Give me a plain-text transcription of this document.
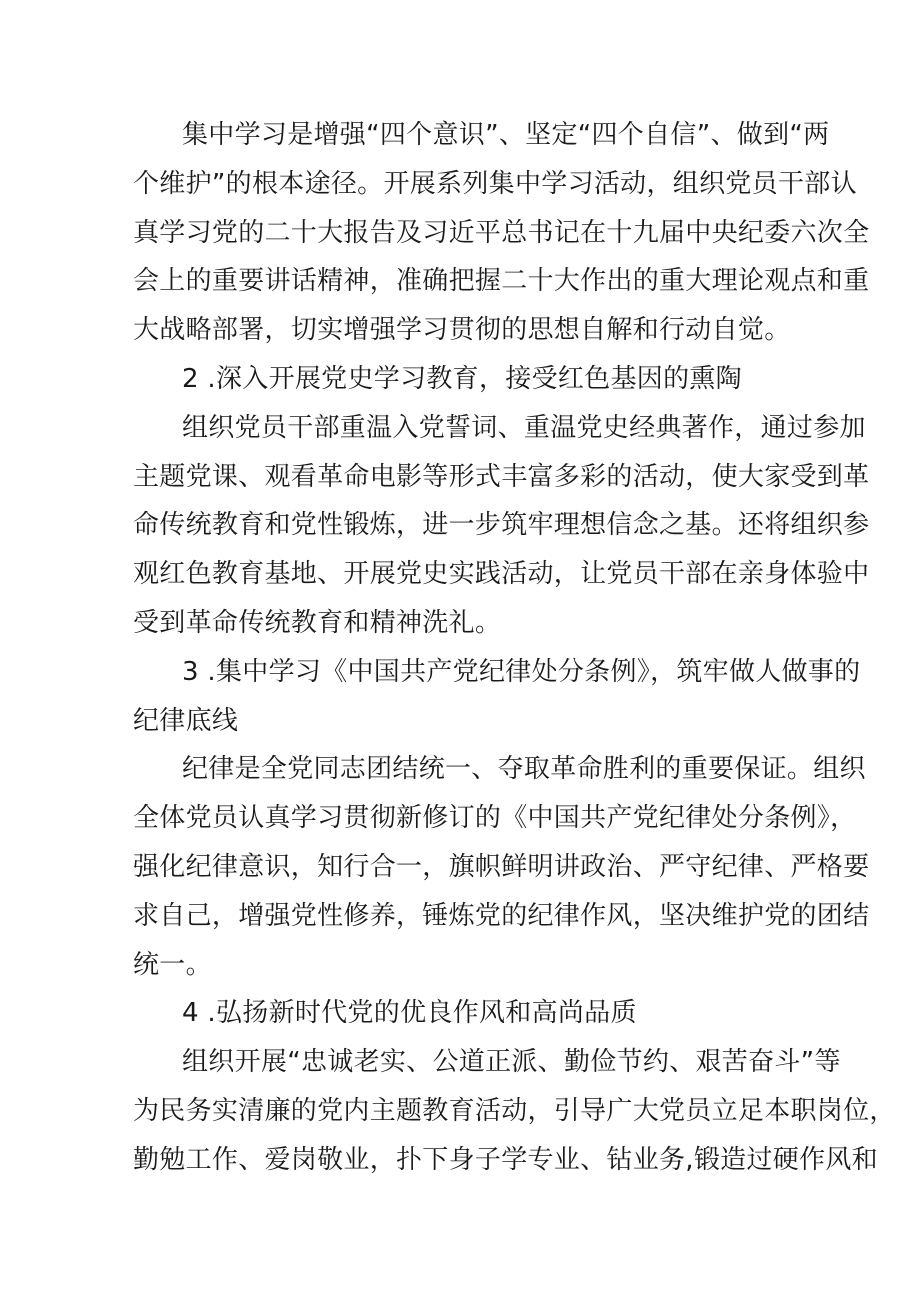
集中学习是增强“四个意识”、坚定“四个自信”、做到“两
个维护”的根本途径。开展系列集中学习活动，组织党员干部认
真学习党的二十大报告及习近平总书记在十九届中央纪委六次全
会上的重要讲话精神，准确把握二十大作出的重大理论观点和重
大战略部署，切实增强学习贯彻的思想自解和行动自觉。
2 .深入开展党史学习教育，接受红色基因的熏陶
组织党员干部重温入党誓词、重温党史经典著作，通过参加
主题党课、观看革命电影等形式丰富多彩的活动，使大家受到革
命传统教育和党性锻炼，进一步筑牢理想信念之基。还将组织参
观红色教育基地、开展党史实践活动，让党员干部在亲身体验中
受到革命传统教育和精神洗礼。
3 .集中学习《中国共产党纪律处分条例》，筑牢做人做事的
纪律底线
纪律是全党同志团结统一、夺取革命胜利的重要保证。组织
全体党员认真学习贯彻新修订的《中国共产党纪律处分条例》，
强化纪律意识，知行合一，旗帜鲜明讲政治、严守纪律、严格要
求自己，增强党性修养，锤炼党的纪律作风，坚决维护党的团结
统一。
4 .弘扬新时代党的优良作风和高尚品质
组织开展“忠诚老实、公道正派、勤俭节约、艰苦奋斗”等
为民务实清廉的党内主题教育活动，引导广大党员立足本职岗位，
勤勉工作、爱岗敬业，扑下身子学专业、钻业务,锻造过硬作风和
